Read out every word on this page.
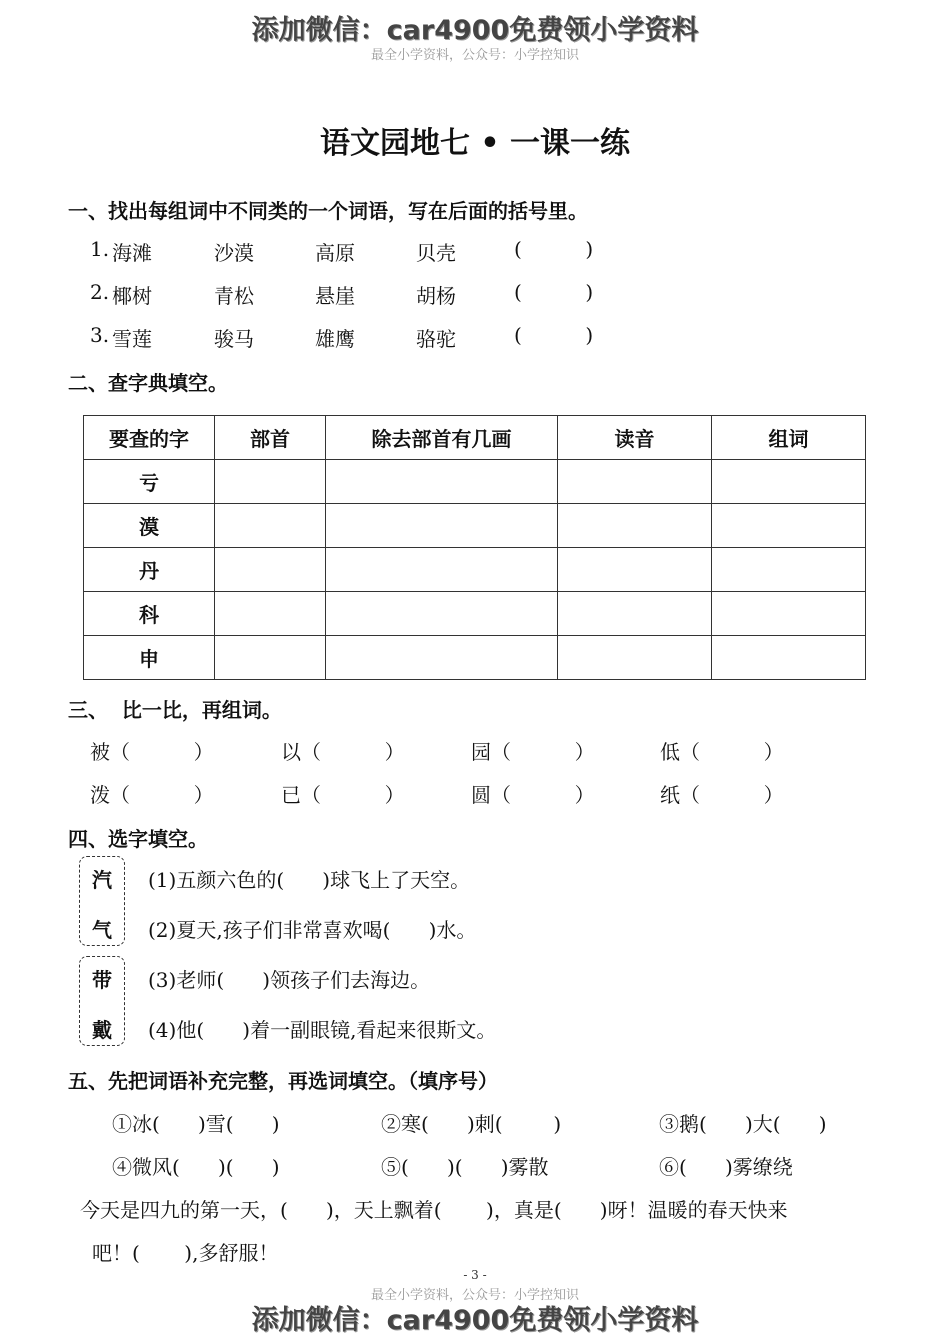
最全小学资料，公众号：小学控知识
添加微信：car4900免费领小学资料
语文园地七 • 一课一练
一、找出每组词中不同类的一个词语，写在后面的括号里。
1. 海滩	沙漠	高原	贝壳	(          )
2. 椰树	青松	悬崖	胡杨	(          )
3. 雪莲	骏马	雄鹰	骆驼	(          )
二、查字典填空。
要查的字	部首	除去部首有几画	读音	组词
亏				
漠				
丹				
科				
申				
三、  比一比，再组词。
被（          ）	以（          ）	园（          ）	低（          ）
泼（          ）	已（          ）	圆（          ）	纸（          ）
四、选字填空。
汽
气
带
戴
(1)五颜六色的(      )球飞上了天空。
(2)夏天,孩子们非常喜欢喝(      )水。
(3)老师(      )领孩子们去海边。
(4)他(      )着一副眼镜,看起来很斯文。
五、先把词语补充完整，再选词填空。（填序号）
①冰(      )雪(      )	②寒(      )刺(        )	③鹅(      )大(      )
④微风(      )(      )	⑤(      )(      )雾散	⑥(      )雾缭绕
今天是四九的第一天，(      )，天上飘着(       )，真是(      )呀！温暖的春天快来
吧！(       ),多舒服！
- 3 -
最全小学资料，公众号：小学控知识
添加微信：car4900免费领小学资料
